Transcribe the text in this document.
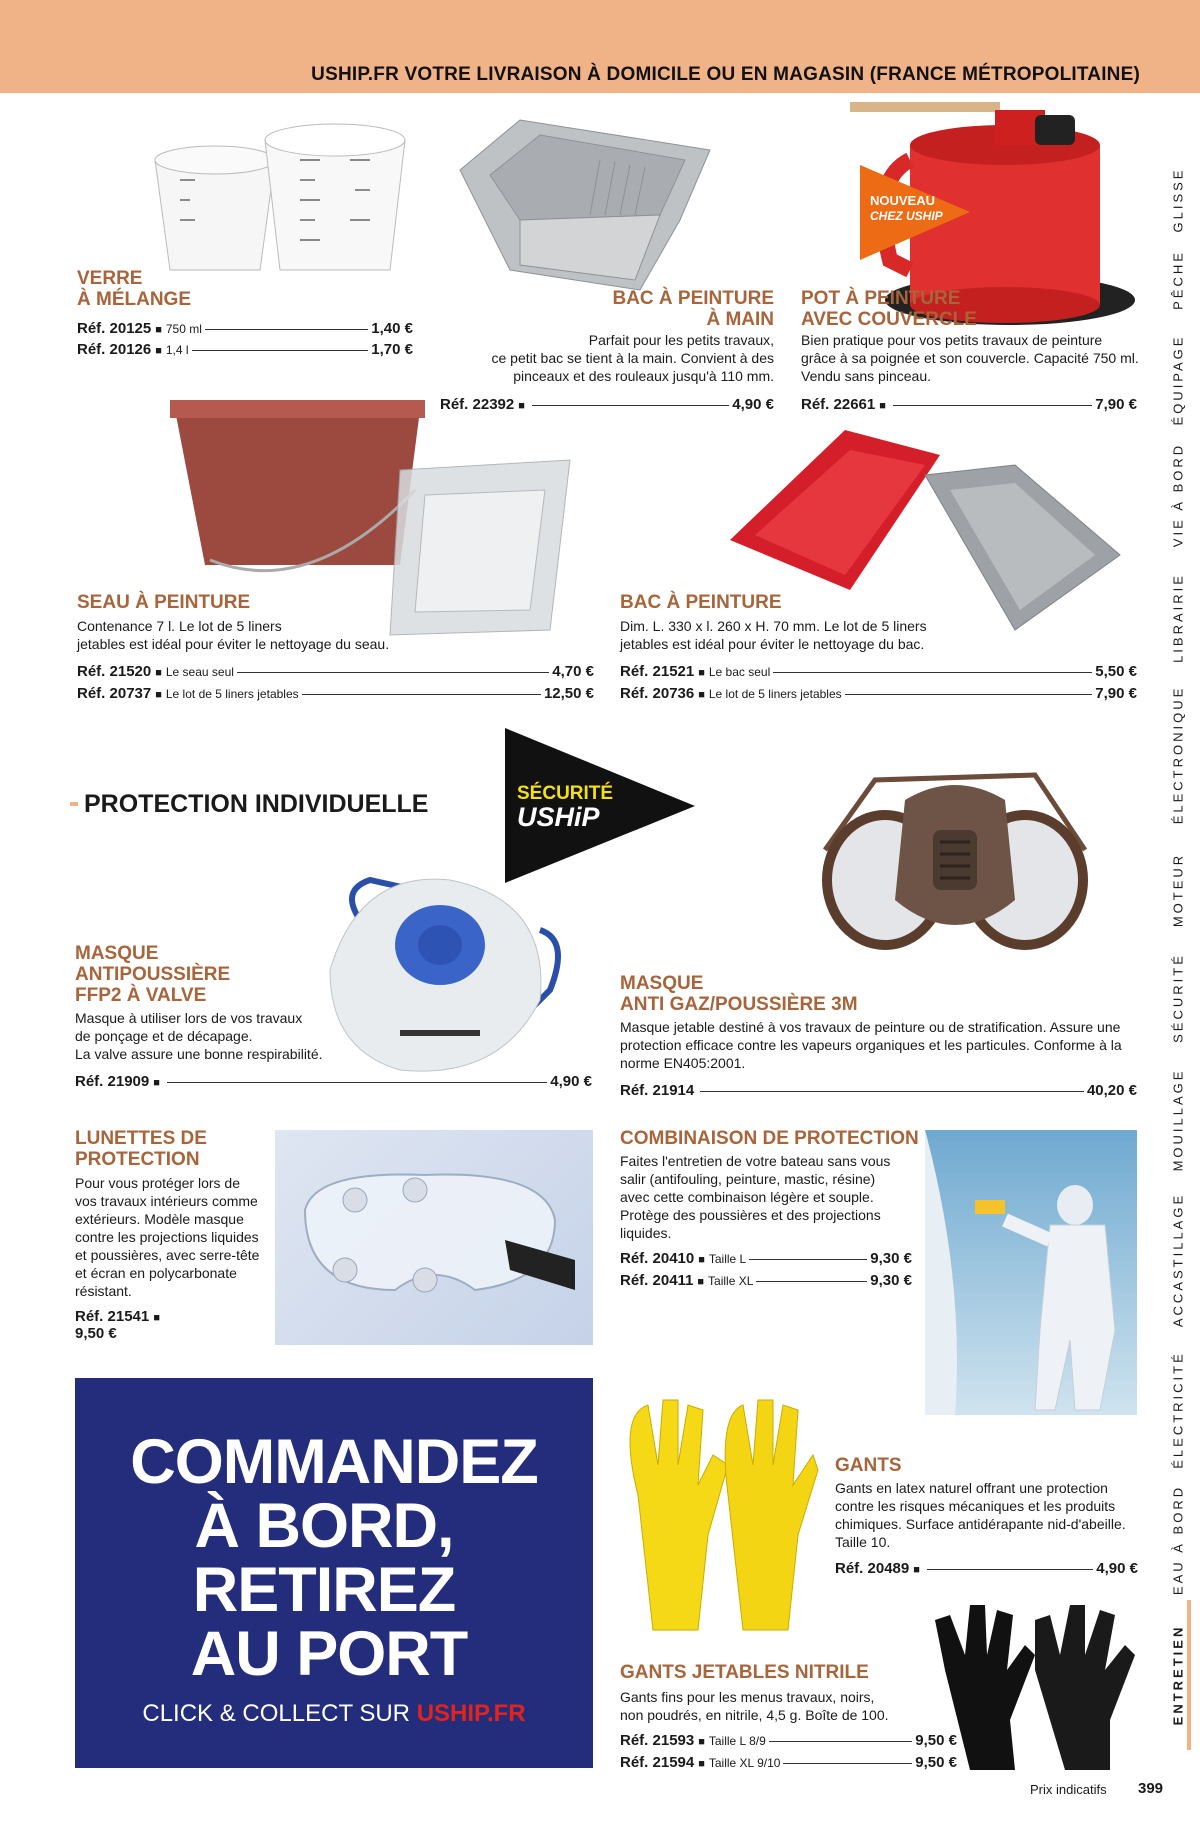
USHIP.FR VOTRE LIVRAISON À DOMICILE OU EN MAGASIN (FRANCE MÉTROPOLITAINE)
VERRE
À MÉLANGE
Réf. 20125 ■ 750 ml	1,40 €
Réf. 20126 ■ 1,4 l	1,70 €
BAC À PEINTURE
À MAIN
Parfait pour les petits travaux,
ce petit bac se tient à la main. Convient à des
pinceaux et des rouleaux jusqu'à 110 mm.
Réf. 22392 ■	4,90 €
NOUVEAU
CHEZ USHIP
POT À PEINTURE
AVEC COUVERCLE
Bien pratique pour vos petits travaux de peinture
grâce à sa poignée et son couvercle. Capacité 750 ml.
Vendu sans pinceau.
Réf. 22661 ■	7,90 €
SEAU À PEINTURE
Contenance 7 l. Le lot de 5 liners
jetables est idéal pour éviter le nettoyage du seau.
Réf. 21520 ■ Le seau seul	4,70 €
Réf. 20737 ■ Le lot de 5 liners jetables	12,50 €
BAC À PEINTURE
Dim. L. 330 x l. 260 x H. 70 mm. Le lot de 5 liners
jetables est idéal pour éviter le nettoyage du bac.
Réf. 21521 ■ Le bac seul	5,50 €
Réf. 20736 ■ Le lot de 5 liners jetables	7,90 €
PROTECTION INDIVIDUELLE	SÉCURITÉ
USHiP
MASQUE
ANTIPOUSSIÈRE
FFP2 À VALVE
Masque à utiliser lors de vos travaux
de ponçage et de décapage.
La valve assure une bonne respirabilité.
Réf. 21909 ■	4,90 €
MASQUE
ANTI GAZ/POUSSIÈRE 3M
Masque jetable destiné à vos travaux de peinture ou de stratification. Assure une
protection efficace contre les vapeurs organiques et les particules. Conforme à la
norme EN405:2001.
Réf. 21914	40,20 €
LUNETTES DE
PROTECTION
Pour vous protéger lors de
vos travaux intérieurs comme
extérieurs. Modèle masque
contre les projections liquides
et poussières, avec serre-tête
et écran en polycarbonate
résistant.
Réf. 21541 ■
9,50 €
COMBINAISON DE PROTECTION
Faites l'entretien de votre bateau sans vous
salir (antifouling, peinture, mastic, résine)
avec cette combinaison légère et souple.
Protège des poussières et des projections
liquides.
Réf. 20410 ■ Taille L	9,30 €
Réf. 20411 ■ Taille XL	9,30 €
COMMANDEZ
À BORD,
RETIREZ
AU PORT
CLICK & COLLECT SUR USHIP.FR
GANTS
Gants en latex naturel offrant une protection
contre les risques mécaniques et les produits
chimiques. Surface antidérapante nid-d'abeille.
Taille 10.
Réf. 20489 ■	4,90 €
GANTS JETABLES NITRILE
Gants fins pour les menus travaux, noirs,
non poudrés, en nitrile, 4,5 g. Boîte de 100.
Réf. 21593 ■ Taille L 8/9	9,50 €
Réf. 21594 ■ Taille XL 9/10	9,50 €
GLISSE
PÊCHE
ÉQUIPAGE
VIE À BORD
LIBRAIRIE
ÉLECTRONIQUE
MOTEUR
SÉCURITÉ
MOUILLAGE
ACCASTILLAGE
ÉLECTRICITÉ
EAU À BORD
ENTRETIEN
Prix indicatifs 399
